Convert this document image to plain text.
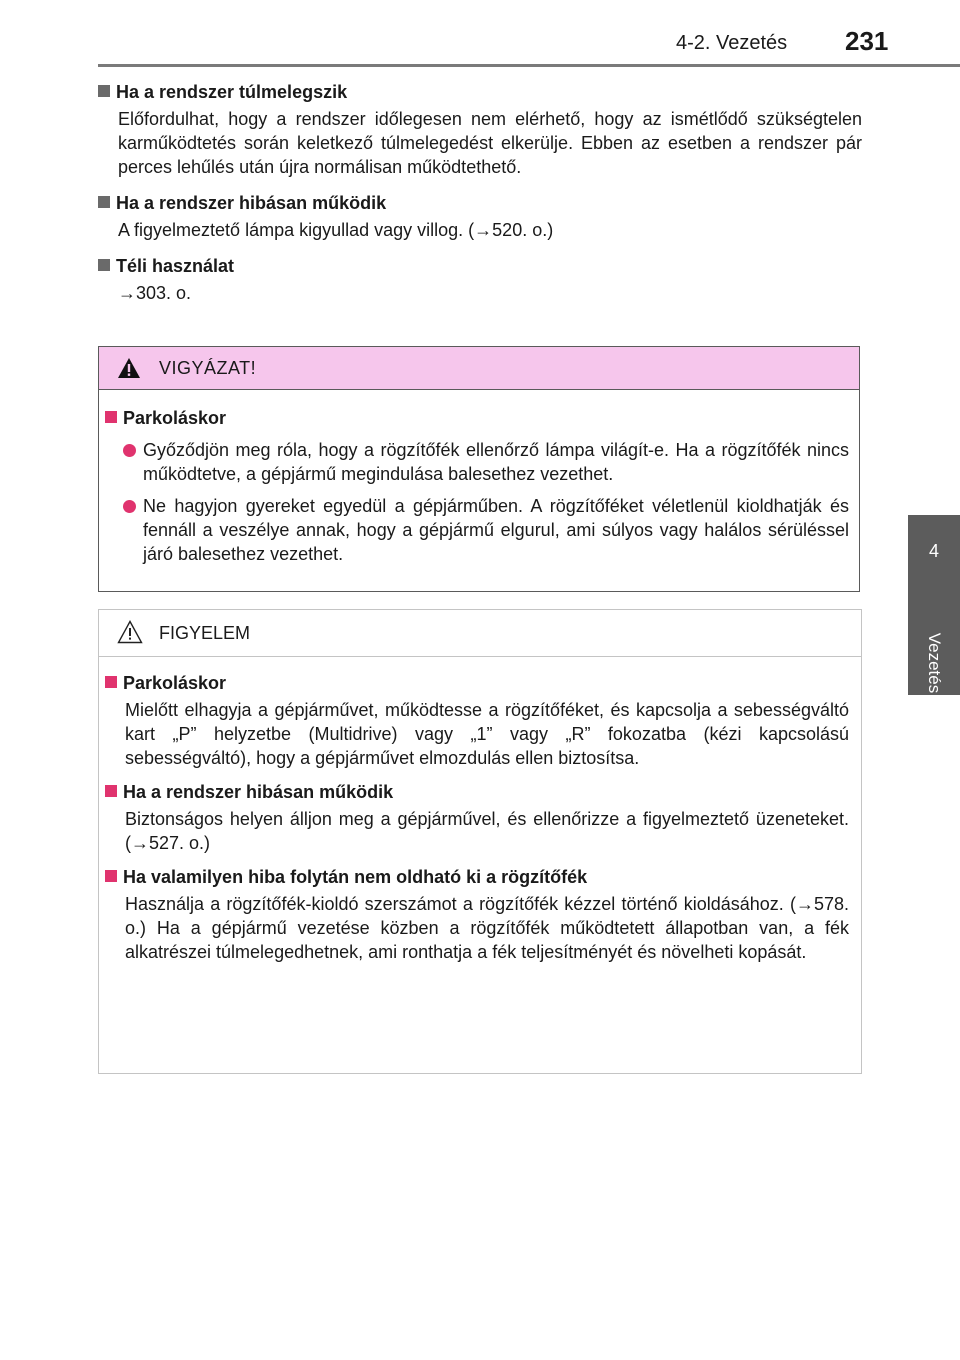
4-2. Vezetés 231
4
Vezetés

Ha a rendszer túlmelegszik

Előfordulhat, hogy a rendszer időlegesen nem elérhető, hogy az ismétlődő szükségtelen karműködtetés során keletkező túlmelegedést elkerülje. Ebben az esetben a rendszer pár perces lehűlés után újra normálisan működtethető.

Ha a rendszer hibásan működik

A figyelmeztető lámpa kigyullad vagy villog. (→520. o.)

Téli használat

→303. o.

VIGYÁZAT!
Parkoláskor
Győződjön meg róla, hogy a rögzítőfék ellenőrző lámpa világít-e. Ha a rögzítőfék nincs működtetve, a gépjármű megindulása balesethez vezethet.
Ne hagyjon gyereket egyedül a gépjárműben. A rögzítőféket véletlenül kioldhatják és fennáll a veszélye annak, hogy a gépjármű elgurul, ami súlyos vagy halálos sérüléssel járó balesethez vezethet.
FIGYELEM
Parkoláskor

Mielőtt elhagyja a gépjárművet, működtesse a rögzítőféket, és kapcsolja a sebességváltó kart „P” helyzetbe (Multidrive) vagy „1” vagy „R” fokozatba (kézi kapcsolású sebességváltó), hogy a gépjárművet elmozdulás ellen biztosítsa.

Ha a rendszer hibásan működik

Biztonságos helyen álljon meg a gépjárművel, és ellenőrizze a figyelmeztető üzeneteket. (→527. o.)

Ha valamilyen hiba folytán nem oldható ki a rögzítőfék

Használja a rögzítőfék-kioldó szerszámot a rögzítőfék kézzel történő kioldásához. (→578. o.) Ha a gépjármű vezetése közben a rögzítőfék működtetett állapotban van, a fék alkatrészei túlmelegedhetnek, ami ronthatja a fék teljesítményét és növelheti kopását.
